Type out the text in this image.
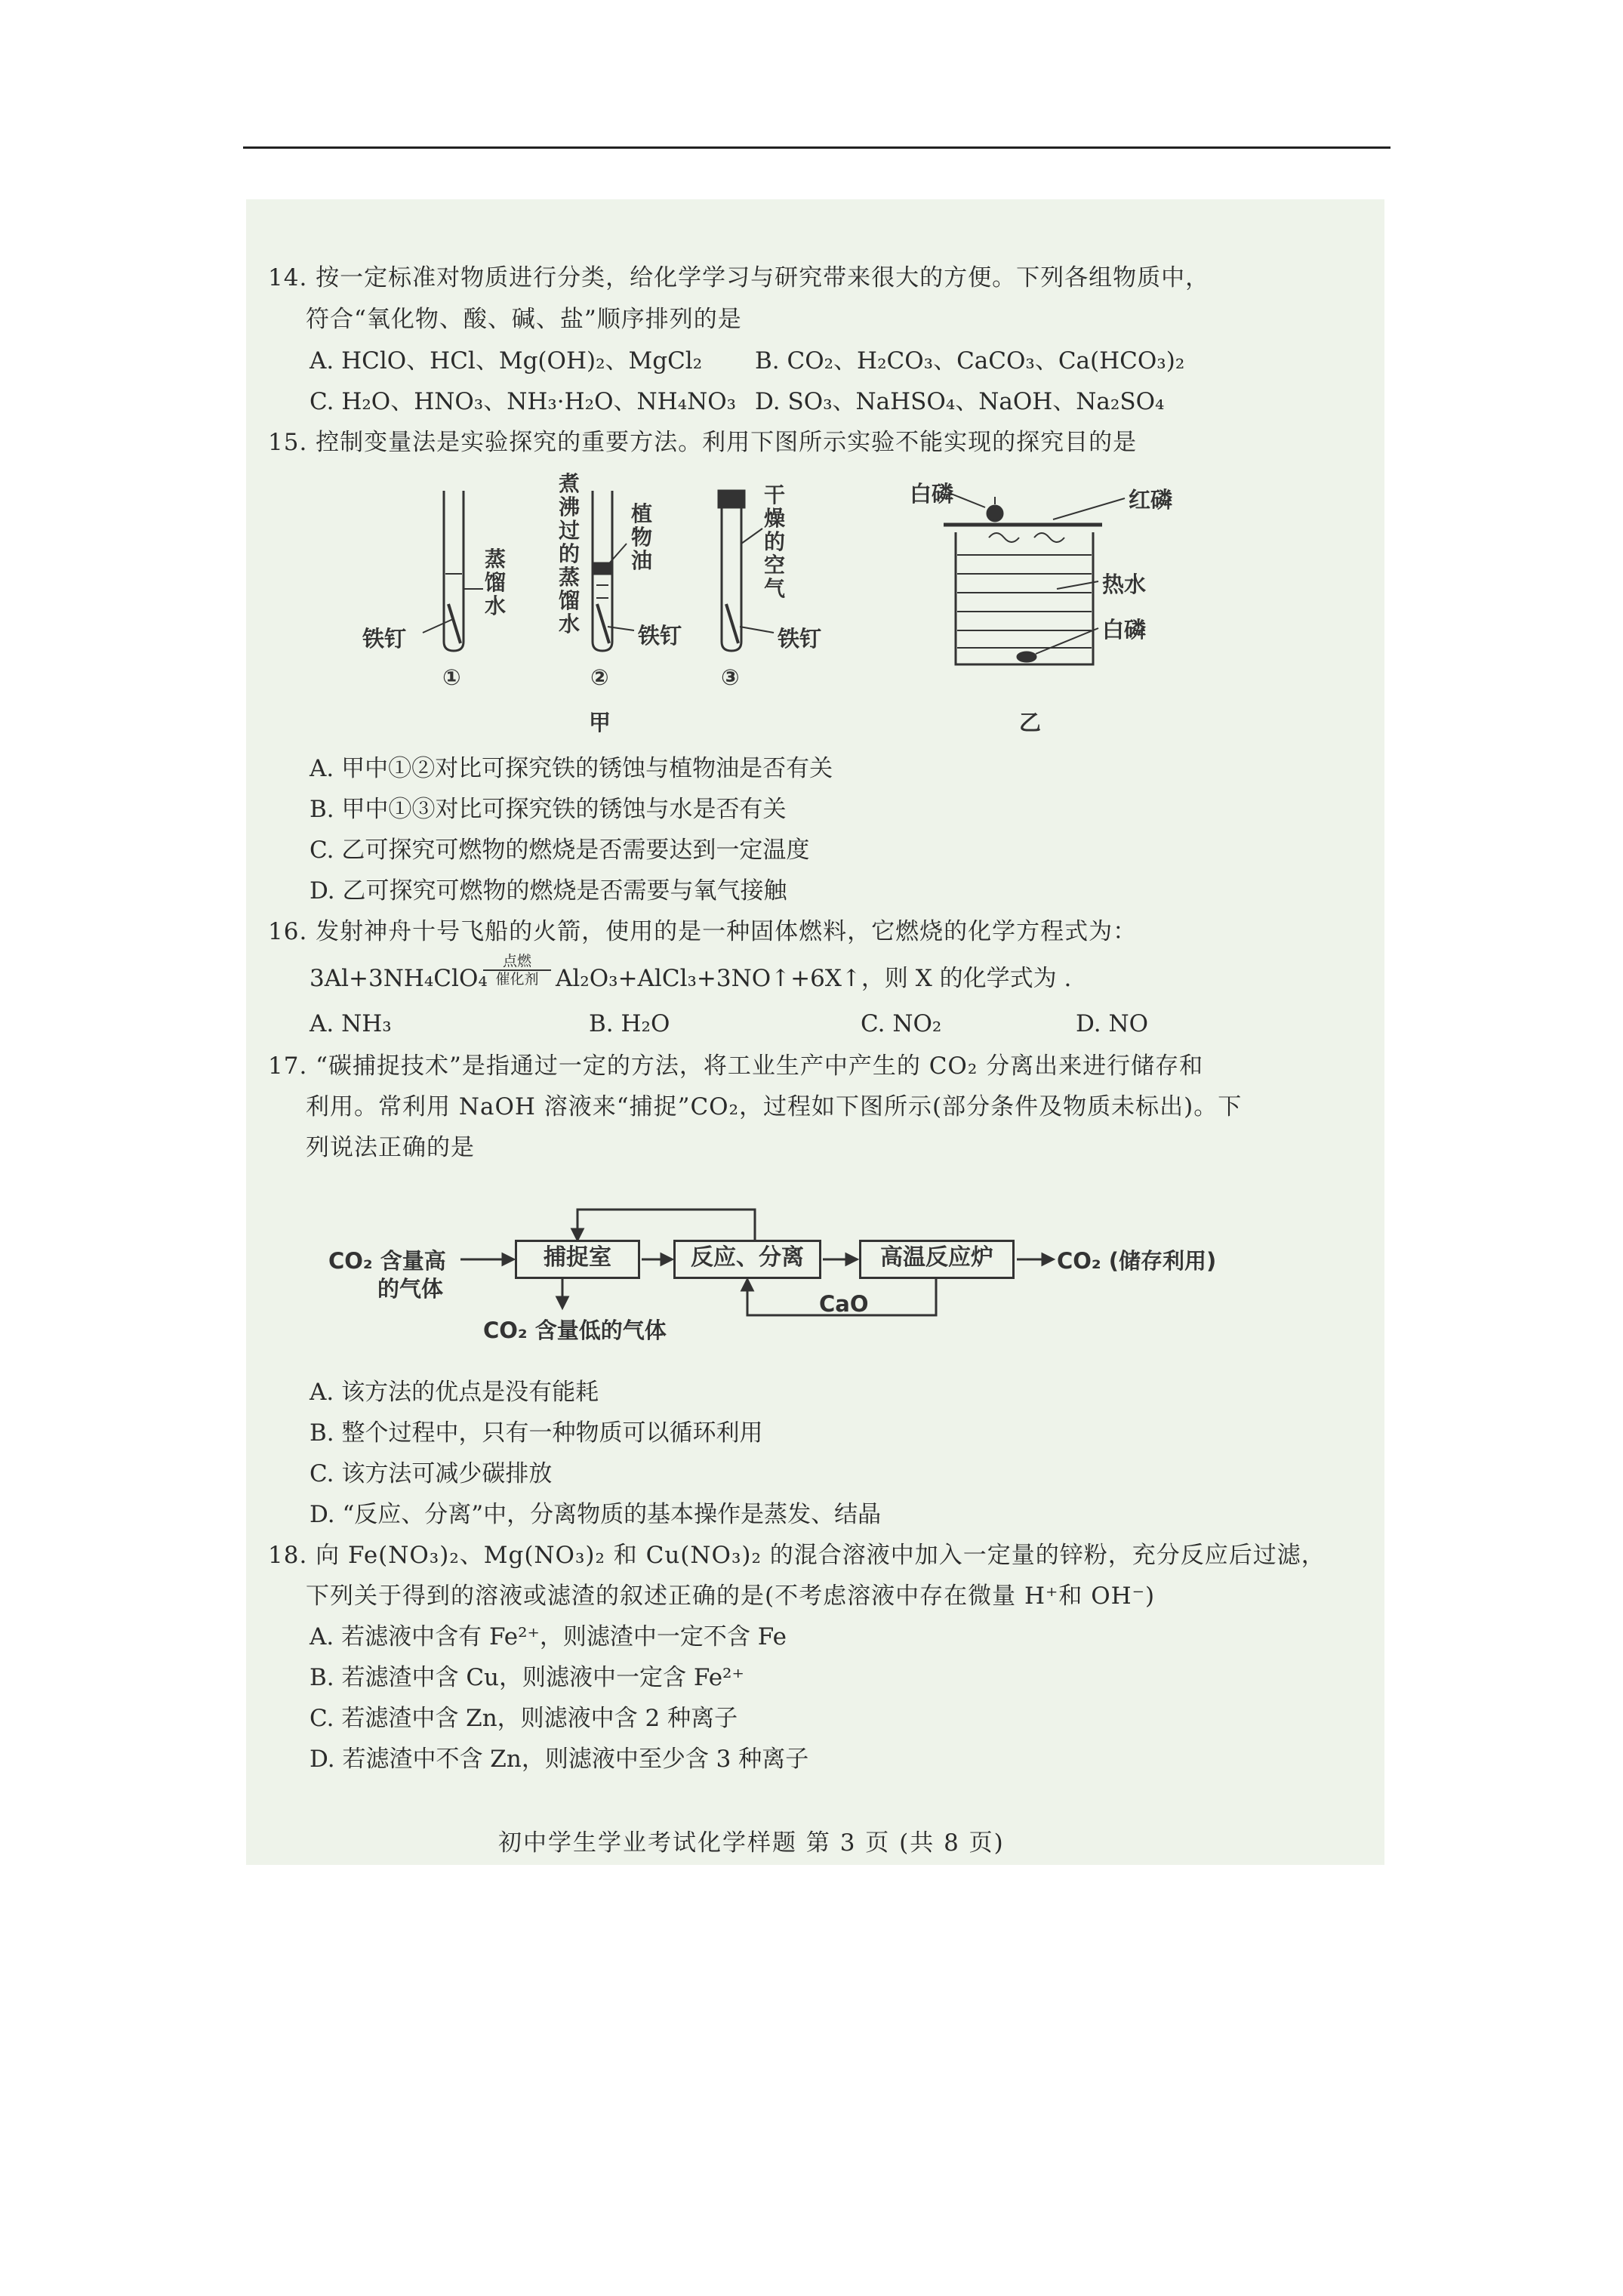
14. 按一定标准对物质进行分类，给化学学习与研究带来很大的方便。下列各组物质中，
符合“氧化物、酸、碱、盐”顺序排列的是
A. HClO、HCl、Mg(OH)₂、MgCl₂ B. CO₂、H₂CO₃、CaCO₃、Ca(HCO₃)₂
C. H₂O、HNO₃、NH₃·H₂O、NH₄NO₃ D. SO₃、NaHSO₄、NaOH、Na₂SO₄
15. 控制变量法是实验探究的重要方法。利用下图所示实验不能实现的探究目的是
蒸馏水
铁钉
①
煮沸过的蒸馏水
植物油
铁钉
②
干燥的空气
铁钉
③
甲
白磷	红磷
热水
白磷
乙
A. 甲中①②对比可探究铁的锈蚀与植物油是否有关
B. 甲中①③对比可探究铁的锈蚀与水是否有关
C. 乙可探究可燃物的燃烧是否需要达到一定温度
D. 乙可探究可燃物的燃烧是否需要与氧气接触
16. 发射神舟十号飞船的火箭，使用的是一种固体燃料，它燃烧的化学方程式为：
3Al+3NH₄ClO₄
点燃
催化剂 Al₂O₃+AlCl₃+3NO↑+6X↑，则 X 的化学式为 .
A. NH₃	B. H₂O	C. NO₂	D. NO
17. “碳捕捉技术”是指通过一定的方法，将工业生产中产生的 CO₂ 分离出来进行储存和
利用。常利用 NaOH 溶液来“捕捉”CO₂，过程如下图所示(部分条件及物质未标出)。下
列说法正确的是
CO₂ 含量高
的气体
捕捉室	反应、分离	高温反应炉	CO₂ (储存利用)
CaO
CO₂ 含量低的气体
A. 该方法的优点是没有能耗
B. 整个过程中，只有一种物质可以循环利用
C. 该方法可减少碳排放
D. “反应、分离”中，分离物质的基本操作是蒸发、结晶
18. 向 Fe(NO₃)₂、Mg(NO₃)₂ 和 Cu(NO₃)₂ 的混合溶液中加入一定量的锌粉，充分反应后过滤，
下列关于得到的溶液或滤渣的叙述正确的是(不考虑溶液中存在微量 H⁺和 OH⁻)
A. 若滤液中含有 Fe²⁺，则滤渣中一定不含 Fe
B. 若滤渣中含 Cu，则滤液中一定含 Fe²⁺
C. 若滤渣中含 Zn，则滤液中含 2 种离子
D. 若滤渣中不含 Zn，则滤液中至少含 3 种离子
初中学生学业考试化学样题 第 3 页 (共 8 页)
